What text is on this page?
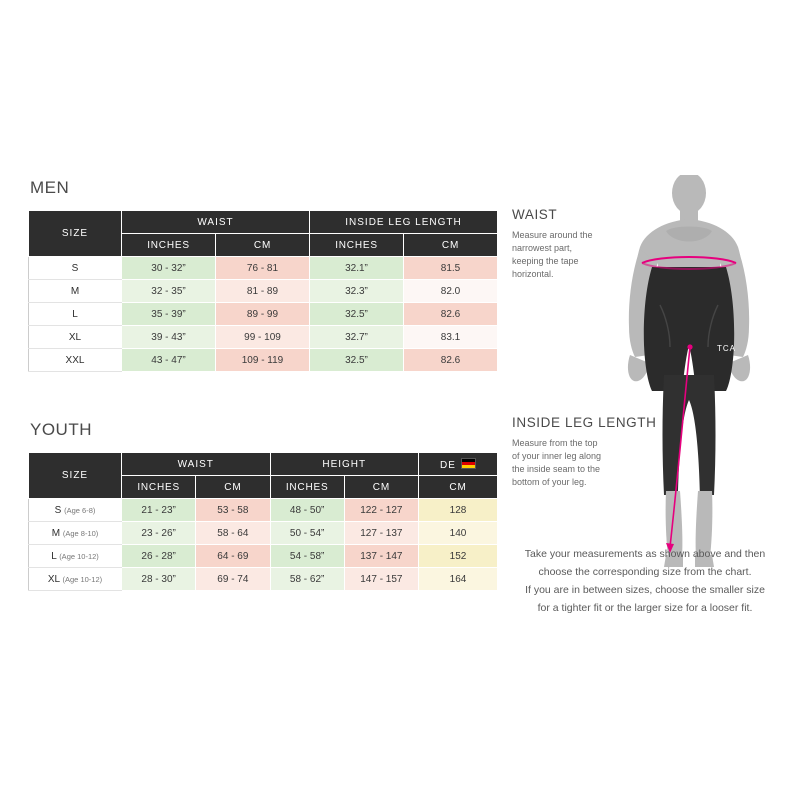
MEN
SIZE	WAIST		INSIDE LEG LENGTH	
	INCHES	CM	INCHES	CM
S	30 - 32”	76 - 81	32.1”	81.5
M	32 - 35”	81 - 89	32.3”	82.0
L	35 - 39”	89 - 99	32.5”	82.6
XL	39 - 43”	99 - 109	32.7”	83.1
XXL	43 - 47”	109 - 119	32.5”	82.6
YOUTH
SIZE	WAIST		HEIGHT		DE
	INCHES	CM	INCHES	CM	CM
S (Age 6-8)	21 - 23”	53 - 58	48 - 50”	122 - 127	128
M (Age 8-10)	23 - 26”	58 - 64	50 - 54”	127 - 137	140
L (Age 10-12)	26 - 28”	64 - 69	54 - 58”	137 - 147	152
XL (Age 10-12)	28 - 30”	69 - 74	58 - 62”	147 - 157	164

WAIST

Measure around the narrowest part, keeping the tape horizontal.

INSIDE LEG LENGTH

Measure from the top of your inner leg along the inside seam to the bottom of your leg.

TCA
Take your measurements as shown above and then
choose the corresponding size from the chart.
If you are in between sizes, choose the smaller size
for a tighter fit or the larger size for a looser fit.
